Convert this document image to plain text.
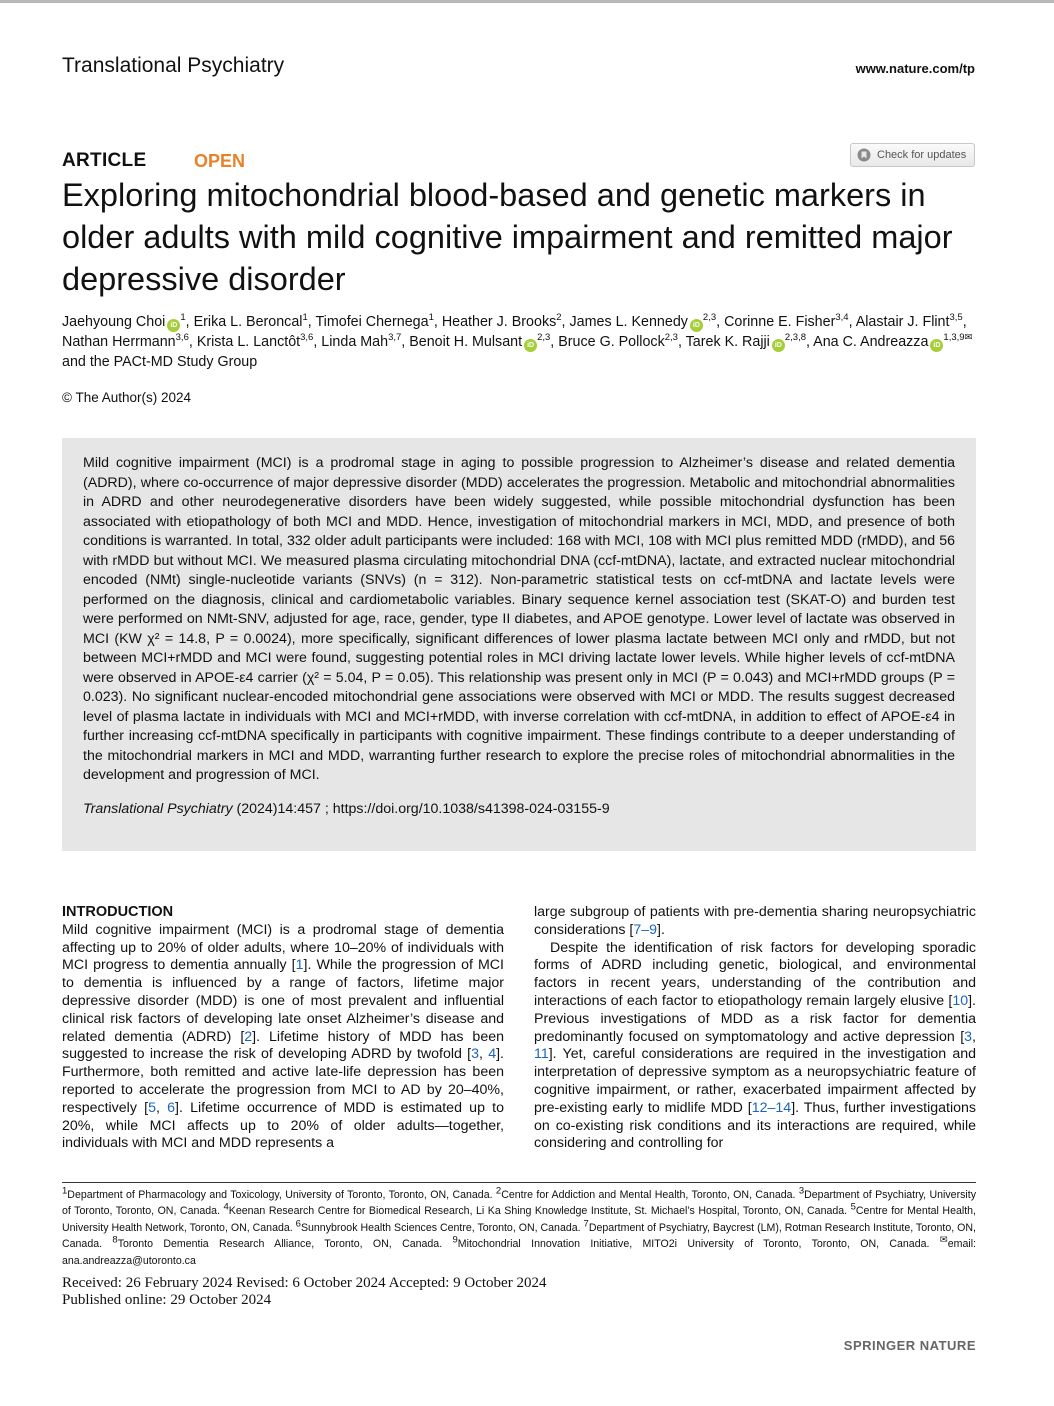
Translational Psychiatry	www.nature.com/tp
ARTICLE	OPEN	Check for updates
Exploring mitochondrial blood-based and genetic markers in older adults with mild cognitive impairment and remitted major depressive disorder
Jaehyoung Choi $iD^1$, Erika L. Beroncal$^1$, Timofei Chernega$^1$, Heather J. Brooks$^2$, James L. Kennedy iD$^{2,3}$, Corinne E. Fisher$^{3,4}$, Alastair J. Flint$^{3,5}$, Nathan Herrmann$^{3,6}$, Krista L. Lanctôt$^{3,6}$, Linda Mah$^{3,7}$, Benoit H. Mulsant iD$^{2,3}$, Bruce G. Pollock$^{2,3}$, Tarek K. Rajji iD$^{2,3,8}$, Ana C. Andreazza $iD^{1,3,9✉}$ and the PACt-MD Study Group
© The Author(s) 2024

Mild cognitive impairment (MCI) is a prodromal stage in aging to possible progression to Alzheimer’s disease and related dementia (ADRD), where co-occurrence of major depressive disorder (MDD) accelerates the progression. Metabolic and mitochondrial abnormalities in ADRD and other neurodegenerative disorders have been widely suggested, while possible mitochondrial dysfunction has been associated with etiopathology of both MCI and MDD. Hence, investigation of mitochondrial markers in MCI, MDD, and presence of both conditions is warranted. In total, 332 older adult participants were included: 168 with MCI, 108 with MCI plus remitted MDD (rMDD), and 56 with rMDD but without MCI. We measured plasma circulating mitochondrial DNA (ccf-mtDNA), lactate, and extracted nuclear mitochondrial encoded (NMt) single-nucleotide variants (SNVs) (n = 312). Non-parametric statistical tests on ccf-mtDNA and lactate levels were performed on the diagnosis, clinical and cardiometabolic variables. Binary sequence kernel association test (SKAT-O) and burden test were performed on NMt-SNV, adjusted for age, race, gender, type II diabetes, and APOE genotype. Lower level of lactate was observed in MCI (KW χ² = 14.8, P = 0.0024), more specifically, significant differences of lower plasma lactate between MCI only and rMDD, but not between MCI+rMDD and MCI were found, suggesting potential roles in MCI driving lactate lower levels. While higher levels of ccf-mtDNA were observed in APOE-ε4 carrier (χ² = 5.04, P = 0.05). This relationship was present only in MCI (P = 0.043) and MCI+rMDD groups (P = 0.023). No significant nuclear-encoded mitochondrial gene associations were observed with MCI or MDD. The results suggest decreased level of plasma lactate in individuals with MCI and MCI+rMDD, with inverse correlation with ccf-mtDNA, in addition to effect of APOE-ε4 in further increasing ccf-mtDNA specifically in participants with cognitive impairment. These findings contribute to a deeper understanding of the mitochondrial markers in MCI and MDD, warranting further research to explore the precise roles of mitochondrial abnormalities in the development and progression of MCI.

Translational Psychiatry (2024)14:457 ; https://doi.org/10.1038/s41398-024-03155-9

INTRODUCTION

Mild cognitive impairment (MCI) is a prodromal stage of dementia affecting up to 20% of older adults, where 10–20% of individuals with MCI progress to dementia annually [1]. While the progression of MCI to dementia is influenced by a range of factors, lifetime major depressive disorder (MDD) is one of most prevalent and influential clinical risk factors of developing late onset Alzheimer’s disease and related dementia (ADRD) [2]. Lifetime history of MDD has been suggested to increase the risk of developing ADRD by twofold [3, 4]. Furthermore, both remitted and active late-life depression has been reported to accelerate the progression from MCI to AD by 20–40%, respectively [5, 6]. Lifetime occurrence of MDD is estimated up to 20%, while MCI affects up to 20% of older adults—together, individuals with MCI and MDD represents a

large subgroup of patients with pre-dementia sharing neuropsychiatric considerations [7–9].

Despite the identification of risk factors for developing sporadic forms of ADRD including genetic, biological, and environmental factors in recent years, understanding of the contribution and interactions of each factor to etiopathology remain largely elusive [10]. Previous investigations of MDD as a risk factor for dementia predominantly focused on symptomatology and active depression [3, 11]. Yet, careful considerations are required in the investigation and interpretation of depressive symptom as a neuropsychiatric feature of cognitive impairment, or rather, exacerbated impairment affected by pre-existing early to midlife MDD [12–14]. Thus, further investigations on co-existing risk conditions and its interactions are required, while considering and controlling for

$^1$Department of Pharmacology and Toxicology, University of Toronto, Toronto, ON, Canada. $^2$Centre for Addiction and Mental Health, Toronto, ON, Canada. $^3$Department of Psychiatry, University of Toronto, Toronto, ON, Canada. $^4$Keenan Research Centre for Biomedical Research, Li Ka Shing Knowledge Institute, St. Michael’s Hospital, Toronto, ON, Canada. $^5$Centre for Mental Health, University Health Network, Toronto, ON, Canada. $^6$Sunnybrook Health Sciences Centre, Toronto, ON, Canada. $^7$Department of Psychiatry, Baycrest (LM), Rotman Research Institute, Toronto, ON, Canada. $^8$Toronto Dementia Research Alliance, Toronto, ON, Canada. $^9$Mitochondrial Innovation Initiative, MITO2i University of Toronto, Toronto, ON, Canada. ✉email: ana.andreazza@utoronto.ca
Received: 26 February 2024 Revised: 6 October 2024 Accepted: 9 October 2024
Published online: 29 October 2024
SPRINGER NATURE
